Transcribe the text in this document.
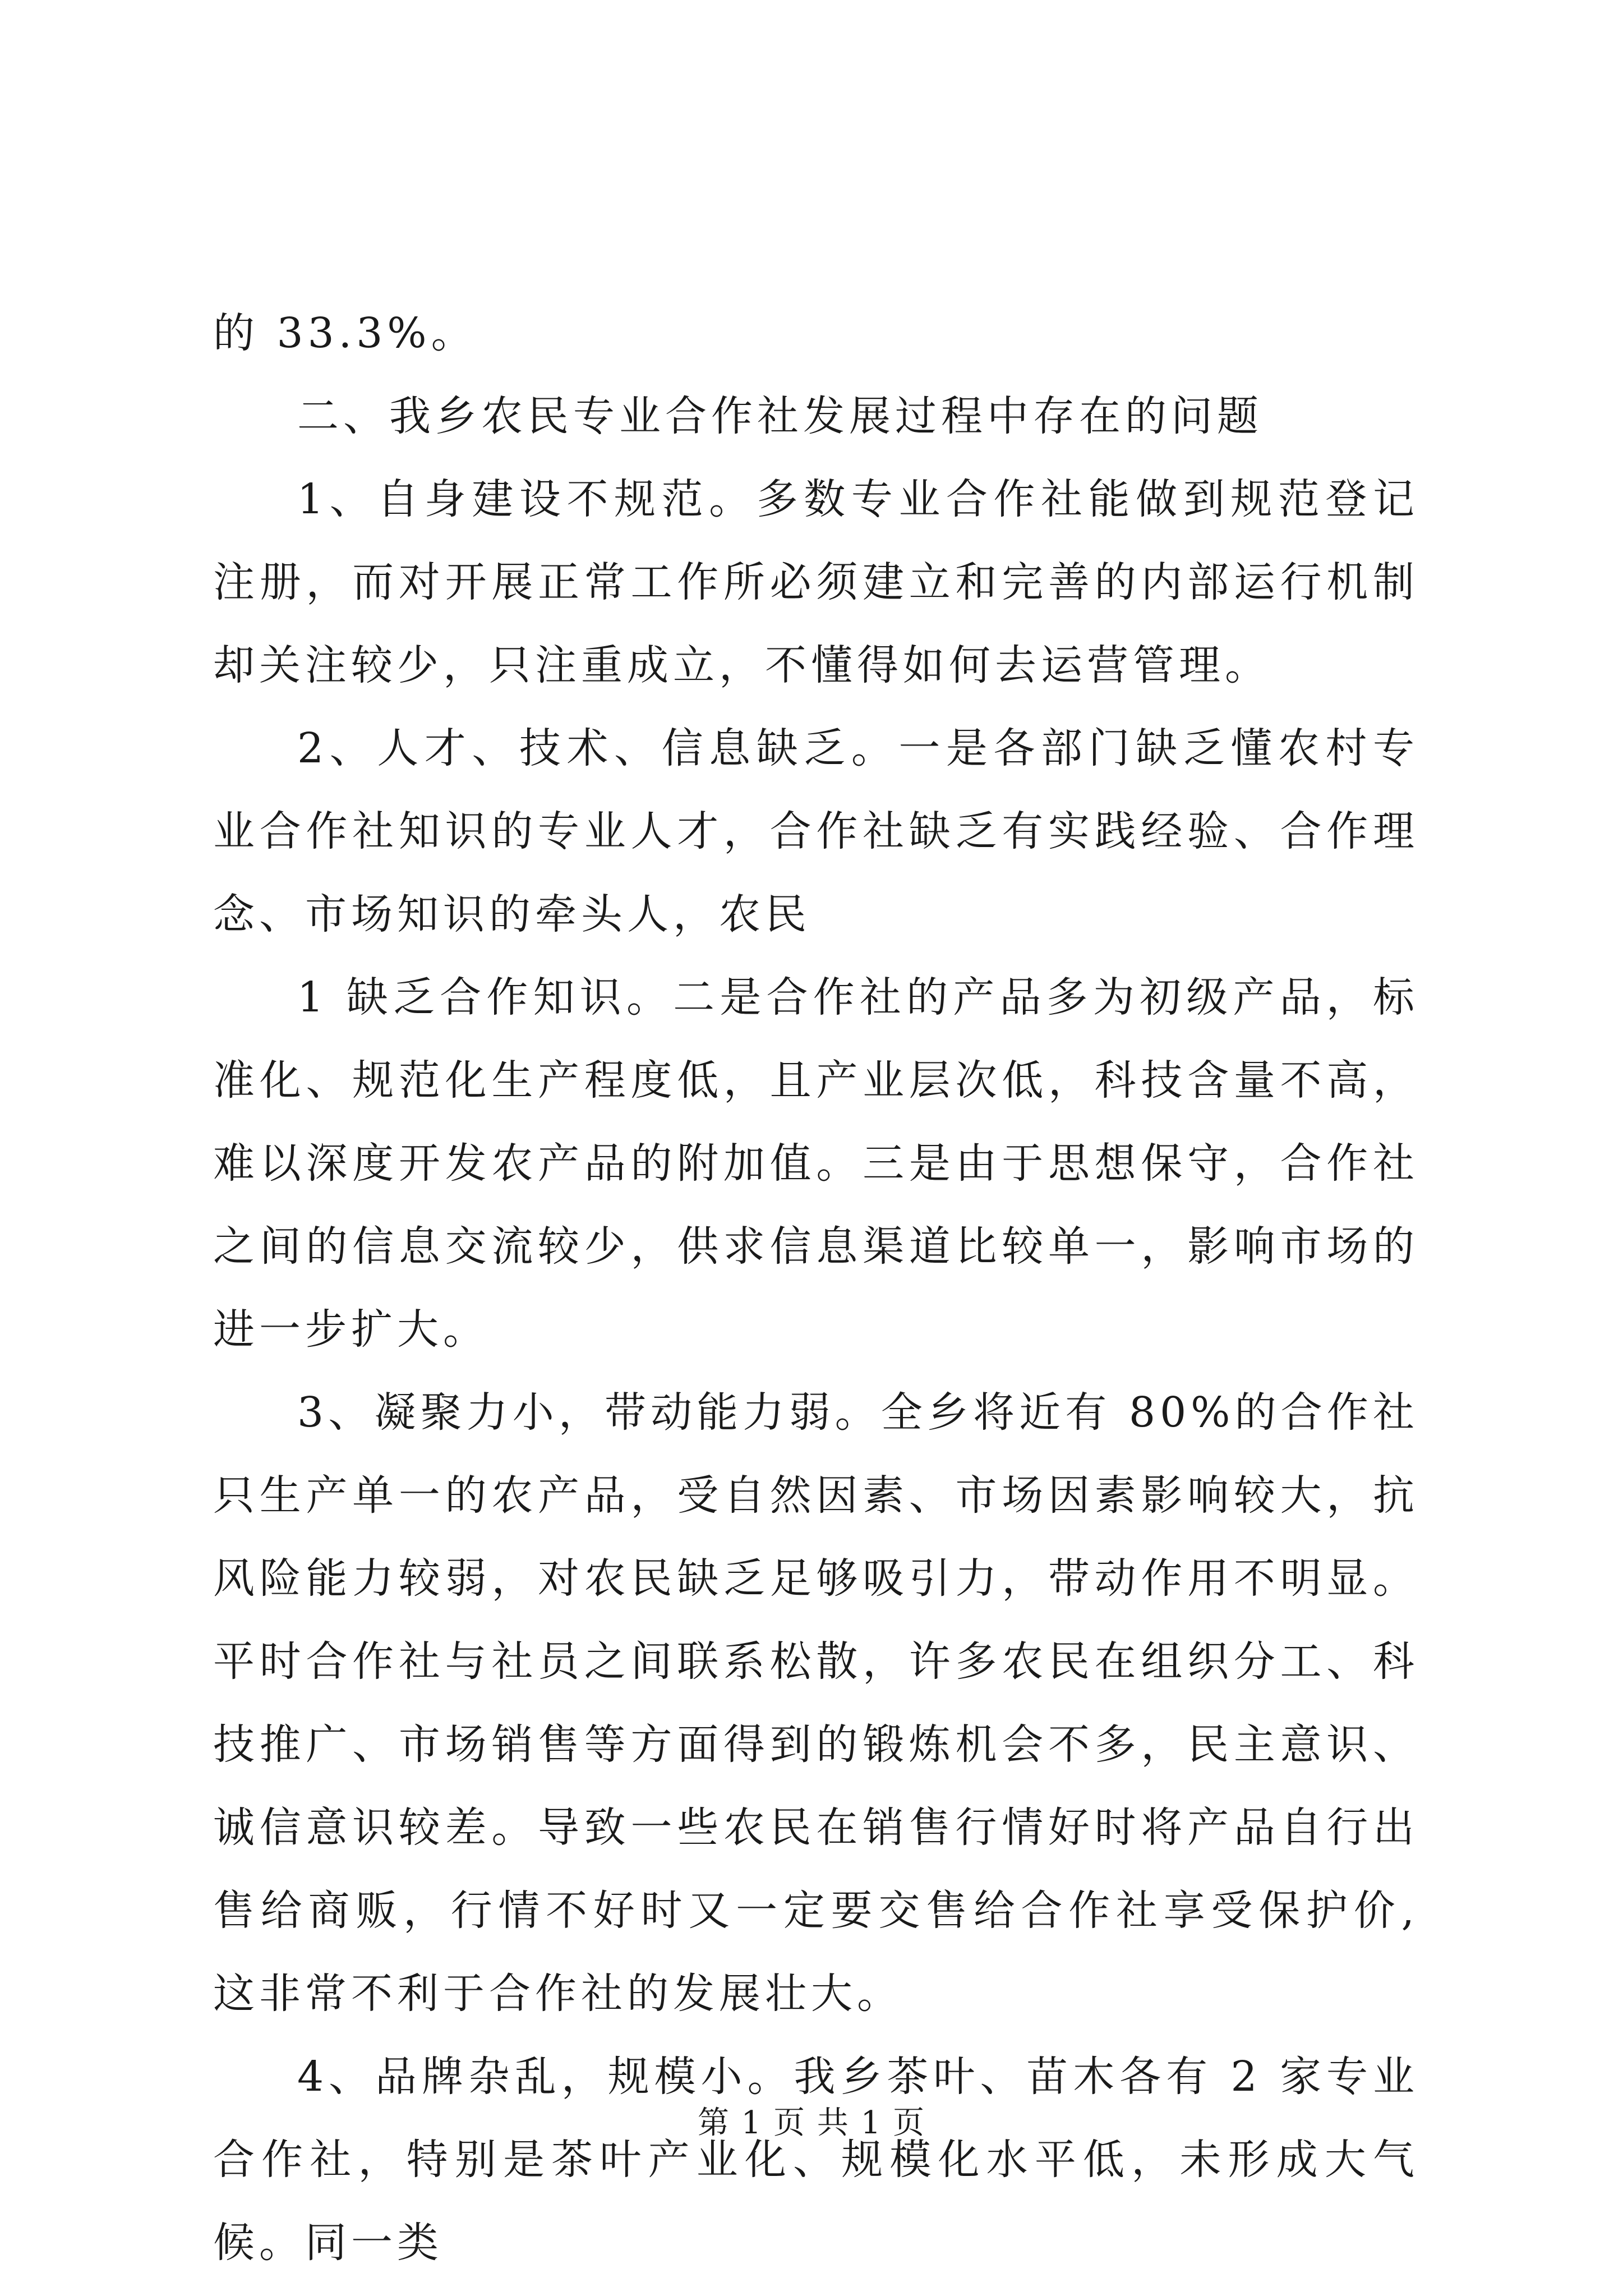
的 33.3%。

二、我乡农民专业合作社发展过程中存在的问题

1、自身建设不规范。多数专业合作社能做到规范登记注册，而对开展正常工作所必须建立和完善的内部运行机制却关注较少，只注重成立，不懂得如何去运营管理。

2、人才、技术、信息缺乏。一是各部门缺乏懂农村专业合作社知识的专业人才，合作社缺乏有实践经验、合作理念、市场知识的牵头人，农民

1 缺乏合作知识。二是合作社的产品多为初级产品，标准化、规范化生产程度低，且产业层次低，科技含量不高，难以深度开发农产品的附加值。三是由于思想保守，合作社之间的信息交流较少，供求信息渠道比较单一，影响市场的进一步扩大。

3、凝聚力小，带动能力弱。全乡将近有 80%的合作社只生产单一的农产品，受自然因素、市场因素影响较大，抗风险能力较弱，对农民缺乏足够吸引力，带动作用不明显。平时合作社与社员之间联系松散，许多农民在组织分工、科技推广、市场销售等方面得到的锻炼机会不多，民主意识、诚信意识较差。导致一些农民在销售行情好时将产品自行出售给商贩，行情不好时又一定要交售给合作社享受保护价,这非常不利于合作社的发展壮大。

4、品牌杂乱，规模小。我乡茶叶、苗木各有 2 家专业合作社，特别是茶叶产业化、规模化水平低，未形成大气候。同一类

第 1 页 共 1 页
